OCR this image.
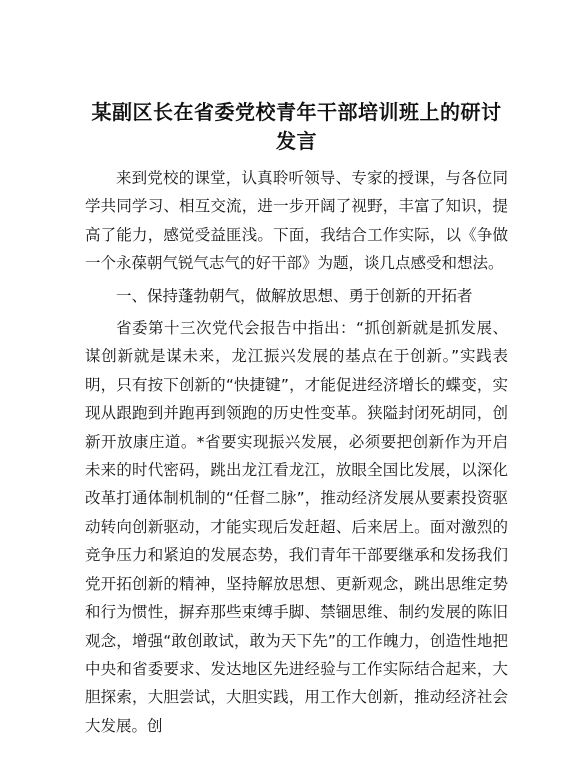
某副区长在省委党校青年干部培训班上的研讨发言

来到党校的课堂，认真聆听领导、专家的授课，与各位同学共同学习、相互交流，进一步开阔了视野，丰富了知识，提高了能力，感觉受益匪浅。下面，我结合工作实际，以《争做一个永葆朝气锐气志气的好干部》为题，谈几点感受和想法。

一、保持蓬勃朝气，做解放思想、勇于创新的开拓者

省委第十三次党代会报告中指出：“抓创新就是抓发展、谋创新就是谋未来，龙江振兴发展的基点在于创新。”实践表明，只有按下创新的“快捷键”，才能促进经济增长的蝶变，实现从跟跑到并跑再到领跑的历史性变革。狭隘封闭死胡同，创新开放康庄道。*省要实现振兴发展，必须要把创新作为开启未来的时代密码，跳出龙江看龙江，放眼全国比发展，以深化改革打通体制机制的“任督二脉”，推动经济发展从要素投资驱动转向创新驱动，才能实现后发赶超、后来居上。面对激烈的竞争压力和紧迫的发展态势，我们青年干部要继承和发扬我们党开拓创新的精神，坚持解放思想、更新观念，跳出思维定势和行为惯性，摒弃那些束缚手脚、禁锢思维、制约发展的陈旧观念，增强“敢创敢试，敢为天下先”的工作魄力，创造性地把中央和省委要求、发达地区先进经验与工作实际结合起来，大胆探索，大胆尝试，大胆实践，用工作大创新，推动经济社会大发展。创
